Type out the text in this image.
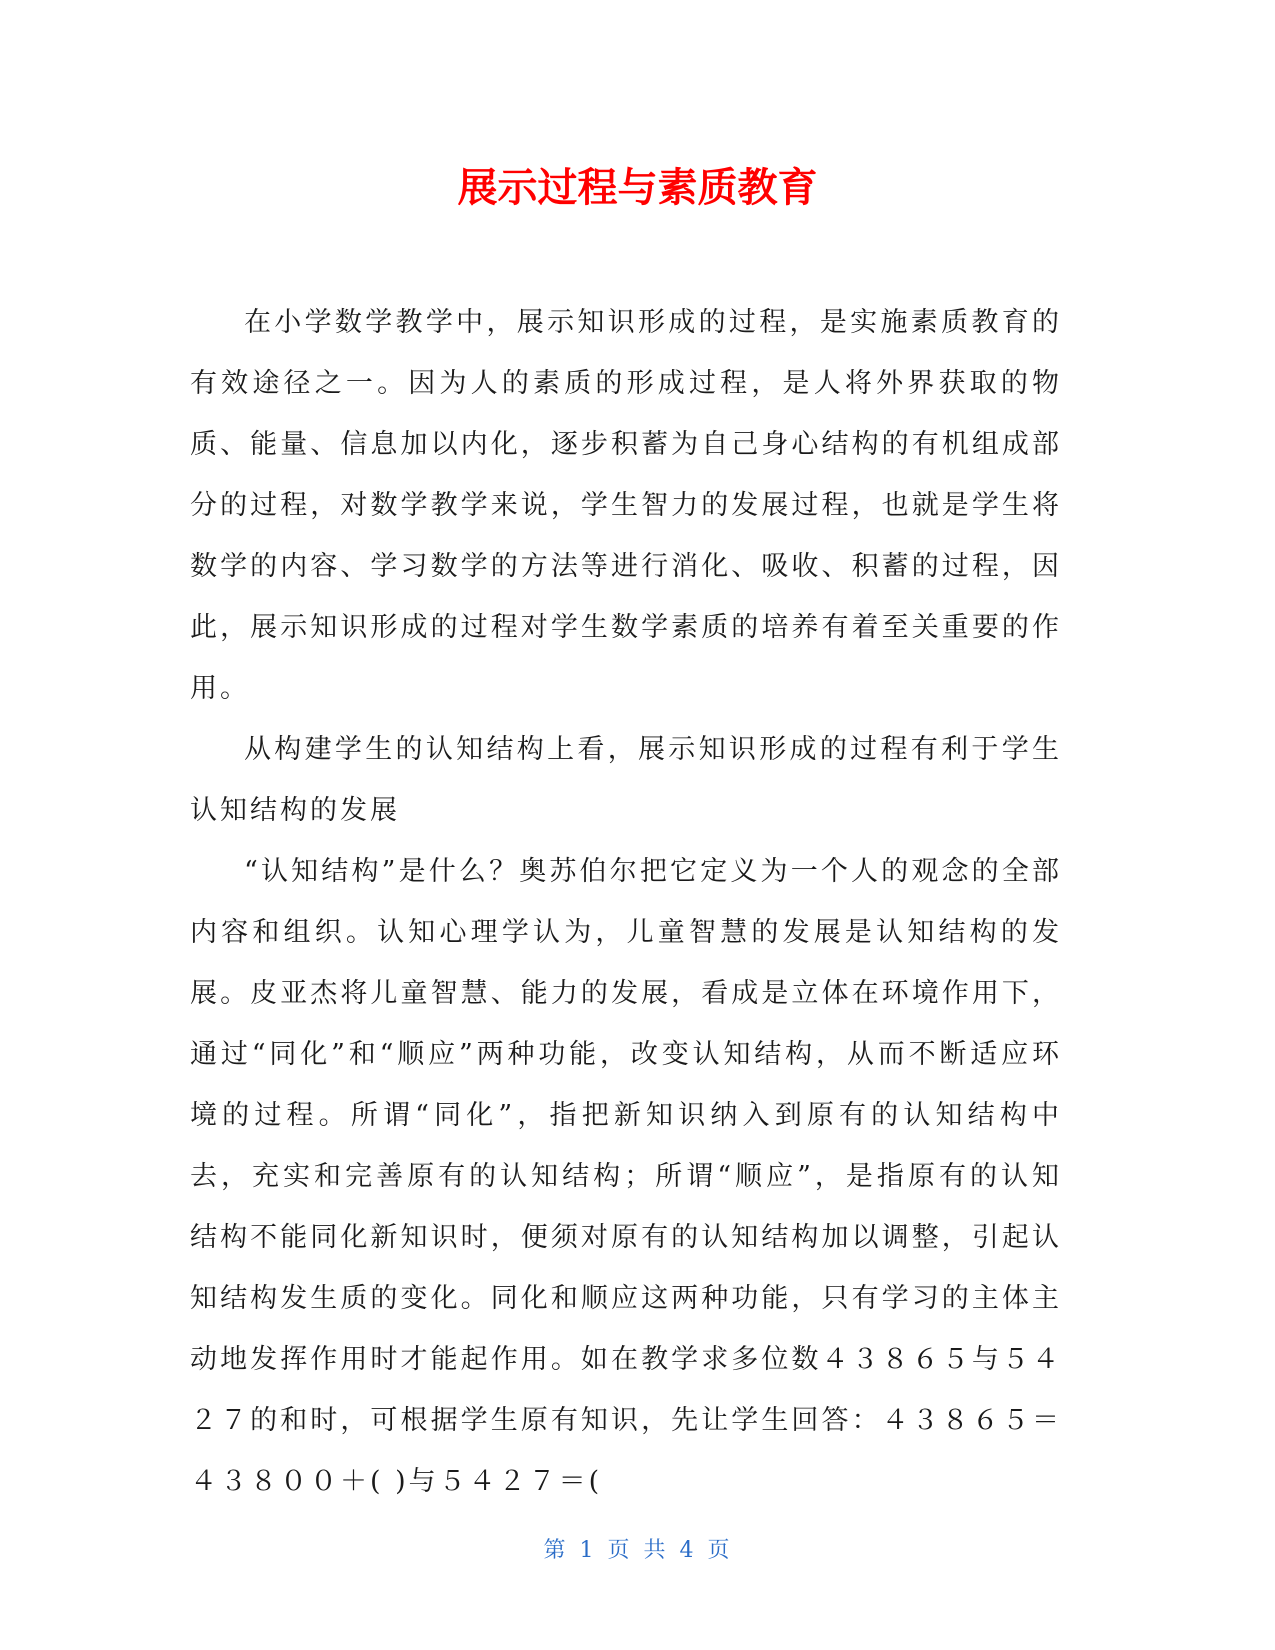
展示过程与素质教育

在小学数学教学中，展示知识形成的过程，是实施素质教育的有效途径之一。因为人的素质的形成过程，是人将外界获取的物质、能量、信息加以内化，逐步积蓄为自己身心结构的有机组成部分的过程，对数学教学来说，学生智力的发展过程，也就是学生将数学的内容、学习数学的方法等进行消化、吸收、积蓄的过程，因此，展示知识形成的过程对学生数学素质的培养有着至关重要的作用。

从构建学生的认知结构上看，展示知识形成的过程有利于学生认知结构的发展

“认知结构”是什么？奥苏伯尔把它定义为一个人的观念的全部内容和组织。认知心理学认为，儿童智慧的发展是认知结构的发展。皮亚杰将儿童智慧、能力的发展，看成是立体在环境作用下，通过“同化”和“顺应”两种功能，改变认知结构，从而不断适应环境的过程。所谓“同化”，指把新知识纳入到原有的认知结构中去，充实和完善原有的认知结构；所谓“顺应”，是指原有的认知结构不能同化新知识时，便须对原有的认知结构加以调整，引起认知结构发生质的变化。同化和顺应这两种功能，只有学习的主体主动地发挥作用时才能起作用。如在教学求多位数４３８６５与５４２７的和时，可根据学生原有知识，先让学生回答：４３８６５＝４３８００＋( )与５４２７＝(

第 1 页 共 4 页
